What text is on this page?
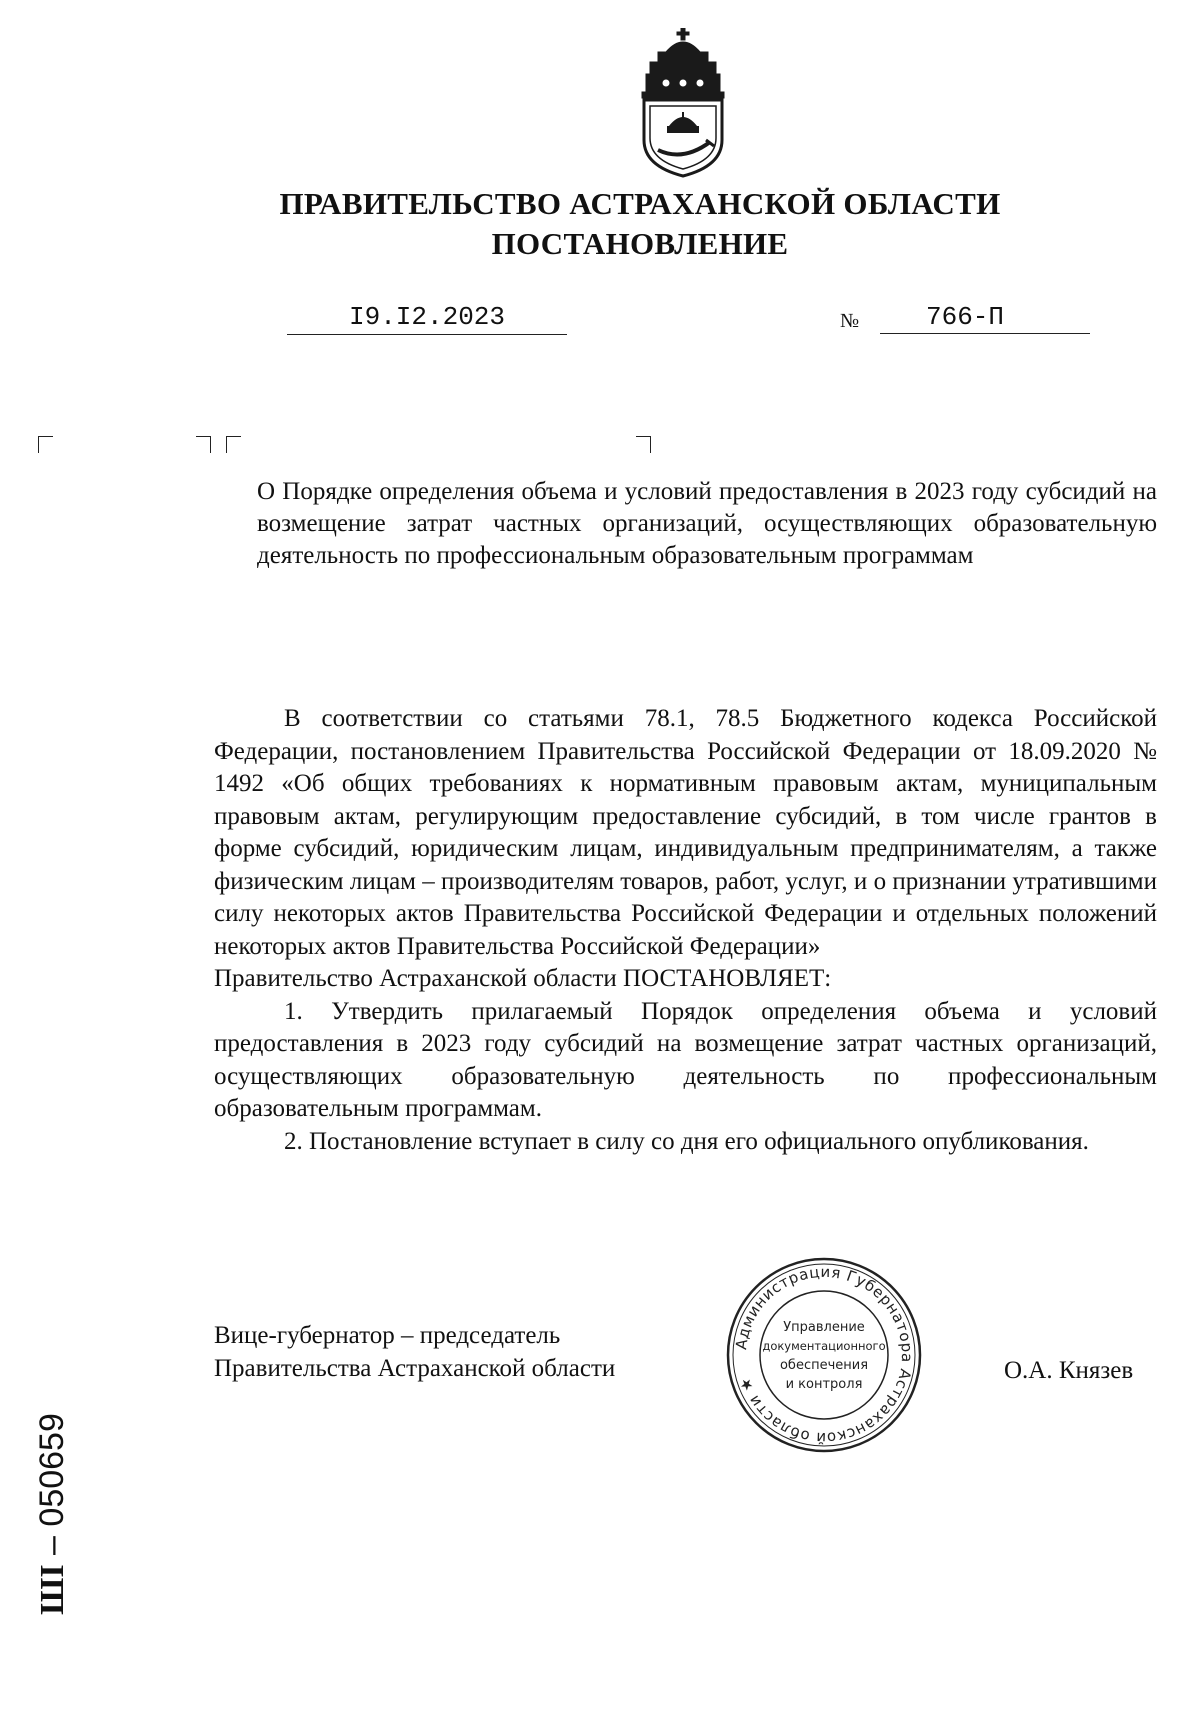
ПРАВИТЕЛЬСТВО АСТРАХАНСКОЙ ОБЛАСТИ
ПОСТАНОВЛЕНИЕ
I9.I2.2023	№	766-П
О Порядке определения объема и условий предоставления в 2023 году субсидий на возмещение затрат частных организаций, осуществляющих образовательную деятельность по профессиональным образовательным программам

В соответствии со статьями 78.1, 78.5 Бюджетного кодекса Российской Федерации, постановлением Правительства Российской Федерации от 18.09.2020 № 1492 «Об общих требованиях к нормативным правовым актам, муниципальным правовым актам, регулирующим предоставление субсидий, в том числе грантов в форме субсидий, юридическим лицам, индивидуальным предпринимателям, а также физическим лицам – производителям товаров, работ, услуг, и о признании утратившими силу некоторых актов Правительства Российской Федерации и отдельных положений некоторых актов Правительства Российской Федерации»

Правительство Астраханской области ПОСТАНОВЛЯЕТ:

1. Утвердить прилагаемый Порядок определения объема и условий предоставления в 2023 году субсидий на возмещение затрат частных организаций, осуществляющих образовательную деятельность по профессиональным образовательным программам.

2. Постановление вступает в силу со дня его официального опубликования.

Вице-губернатор – председатель
Правительства Астраханской области	О.А. Князев
Администрация Губернатора Астраханской области ★
Управление
документационного
обеспечения
и контроля
ШI – 050659
